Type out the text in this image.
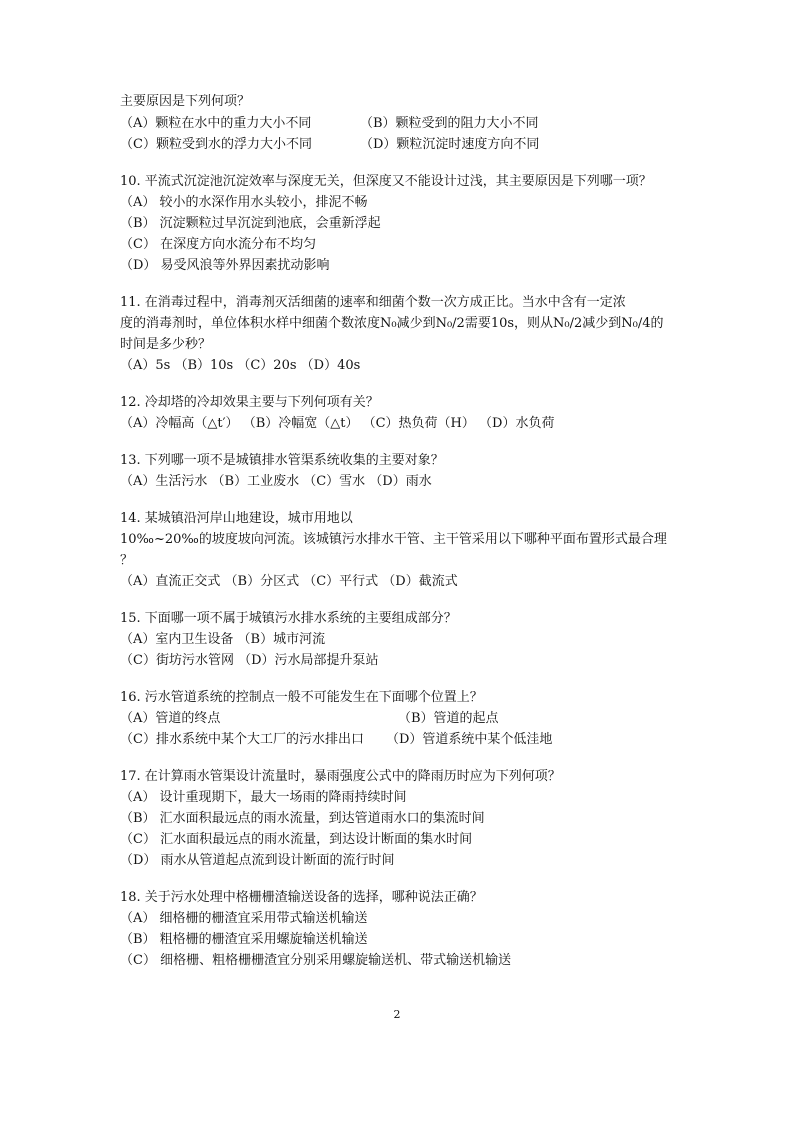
主要原因是下列何项？
（A）颗粒在水中的重力大小不同	（B）颗粒受到的阻力大小不同
（C）颗粒受到水的浮力大小不同	（D）颗粒沉淀时速度方向不同
10. 平流式沉淀池沉淀效率与深度无关，但深度又不能设计过浅，其主要原因是下列哪一项？
（A） 较小的水深作用水头较小，排泥不畅
（B） 沉淀颗粒过早沉淀到池底，会重新浮起
（C） 在深度方向水流分布不均匀
（D） 易受风浪等外界因素扰动影响
11. 在消毒过程中，消毒剂灭活细菌的速率和细菌个数一次方成正比。当水中含有一定浓
度的消毒剂时，单位体积水样中细菌个数浓度N₀减少到N₀/2需要10s，则从N₀/2减少到N₀/4的
时间是多少秒？
（A）5s （B）10s （C）20s （D）40s
12. 冷却塔的冷却效果主要与下列何项有关？
（A）冷幅高（△t′） （B）冷幅宽（△t） （C）热负荷（H） （D）水负荷
13. 下列哪一项不是城镇排水管渠系统收集的主要对象？
（A）生活污水 （B）工业废水 （C）雪水 （D）雨水
14. 某城镇沿河岸山地建设，城市用地以
10‰~20‰的坡度坡向河流。该城镇污水排水干管、主干管采用以下哪种平面布置形式最合理
？
（A）直流正交式 （B）分区式 （C）平行式 （D）截流式
15. 下面哪一项不属于城镇污水排水系统的主要组成部分？
（A）室内卫生设备 （B）城市河流
（C）街坊污水管网 （D）污水局部提升泵站
16. 污水管道系统的控制点一般不可能发生在下面哪个位置上？
（A）管道的终点	（B）管道的起点
（C）排水系统中某个大工厂的污水排出口 （D）管道系统中某个低洼地
17. 在计算雨水管渠设计流量时，暴雨强度公式中的降雨历时应为下列何项？
（A） 设计重现期下，最大一场雨的降雨持续时间
（B） 汇水面积最远点的雨水流量，到达管道雨水口的集流时间
（C） 汇水面积最远点的雨水流量，到达设计断面的集水时间
（D） 雨水从管道起点流到设计断面的流行时间
18. 关于污水处理中格栅栅渣输送设备的选择，哪种说法正确？
（A） 细格栅的栅渣宜采用带式输送机输送
（B） 粗格栅的栅渣宜采用螺旋输送机输送
（C） 细格栅、粗格栅栅渣宜分别采用螺旋输送机、带式输送机输送
2
